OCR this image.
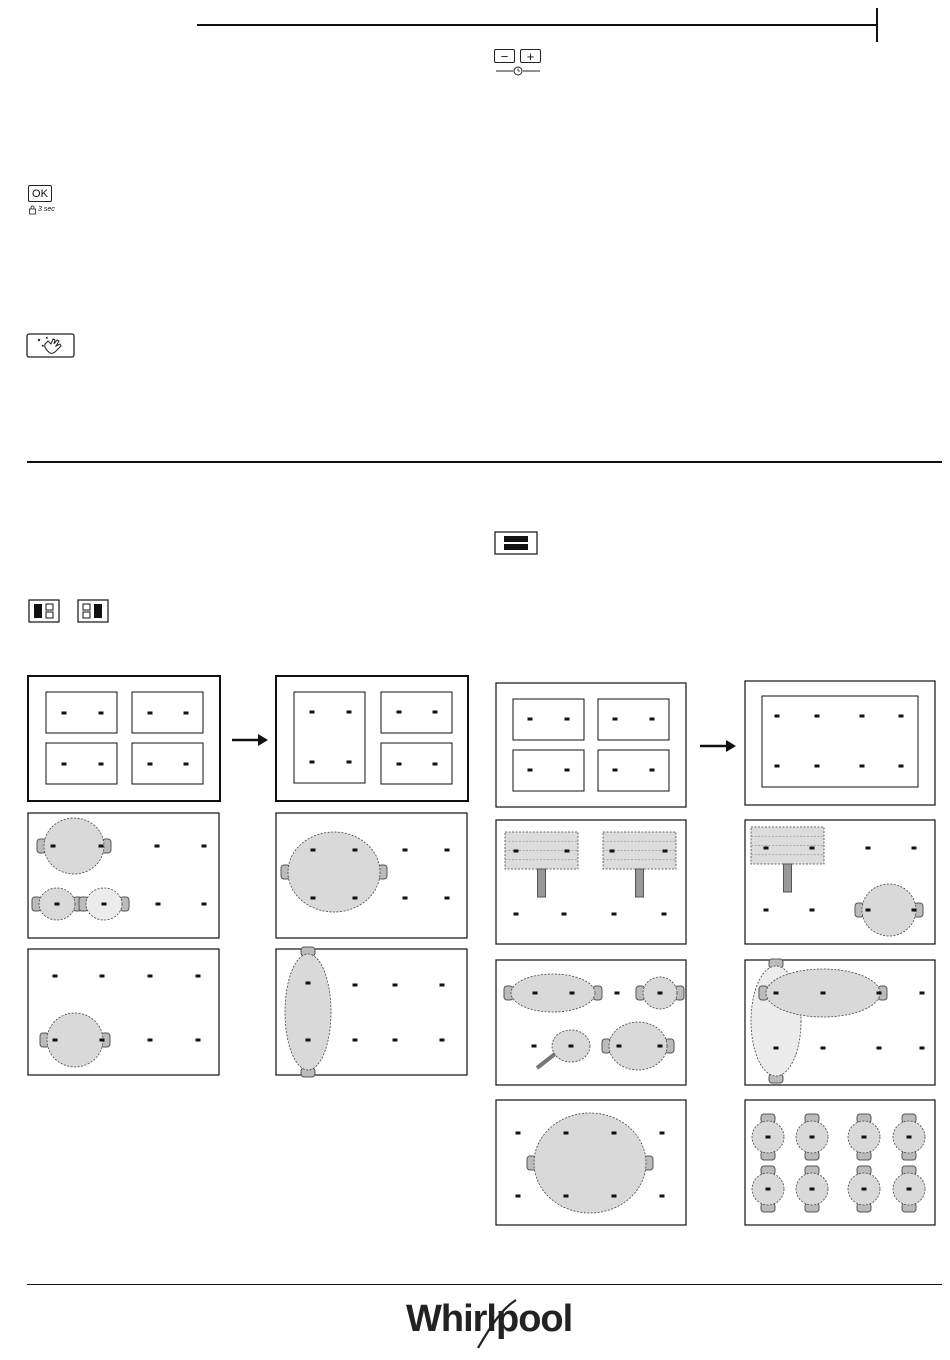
−	+
OK
3 sec
Whirlpool
